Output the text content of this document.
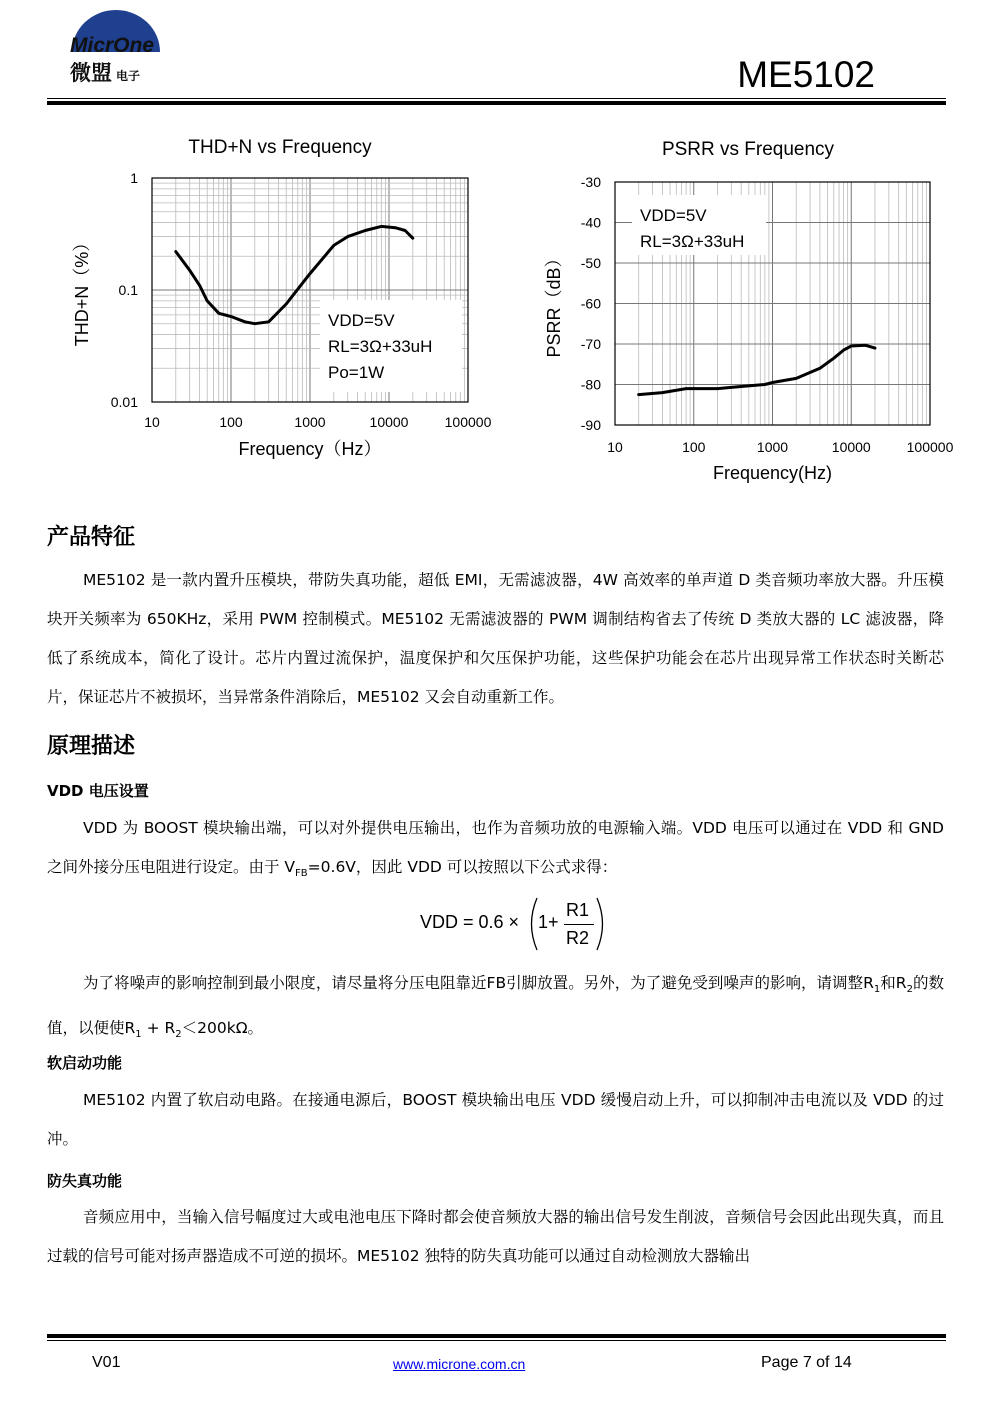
MicrOne
微盟 电子	ME5102
VDD=5V
RL=3Ω+33uH
Po=1W
10	100	1000	10000	100000
1
0.1
0.01
THD+N vs Frequency
Frequency（Hz）
THD+N（%）
VDD=5V
RL=3Ω+33uH
10	100	1000	10000	100000
-30
-40
-50
-60
-70
-80
-90
PSRR vs Frequency
Frequency(Hz)
PSRR（dB）
产品特征

ME5102 是一款内置升压模块，带防失真功能，超低 EMI，无需滤波器，4W 高效率的单声道 D 类音频功率放大器。升压模块开关频率为 650KHz，采用 PWM 控制模式。ME5102 无需滤波器的 PWM 调制结构省去了传统 D 类放大器的 LC 滤波器，降低了系统成本，简化了设计。芯片内置过流保护，温度保护和欠压保护功能，这些保护功能会在芯片出现异常工作状态时关断芯片，保证芯片不被损坏，当异常条件消除后，ME5102 又会自动重新工作。

原理描述
VDD 电压设置

VDD 为 BOOST 模块输出端，可以对外提供电压输出，也作为音频功放的电源输入端。VDD 电压可以通过在 VDD 和 GND 之间外接分压电阻进行设定。由于 $V_{FB}=0.6V$，因此 VDD 可以按照以下公式求得：

VDD = 0.6 × 1+
R1
R2

为了将噪声的影响控制到最小限度，请尽量将分压电阻靠近FB引脚放置。另外，为了避免受到噪声的影响，请调整$R_1$和$R_2$的数值，以便使$R_1 + R_2<200k\Omega$。

软启动功能

ME5102 内置了软启动电路。在接通电源后，BOOST 模块输出电压 VDD 缓慢启动上升，可以抑制冲击电流以及 VDD 的过冲。

防失真功能

音频应用中，当输入信号幅度过大或电池电压下降时都会使音频放大器的输出信号发生削波，音频信号会因此出现失真，而且过载的信号可能对扬声器造成不可逆的损坏。ME5102 独特的防失真功能可以通过自动检测放大器输出

V01	www.microne.com.cn	Page 7 of 14
